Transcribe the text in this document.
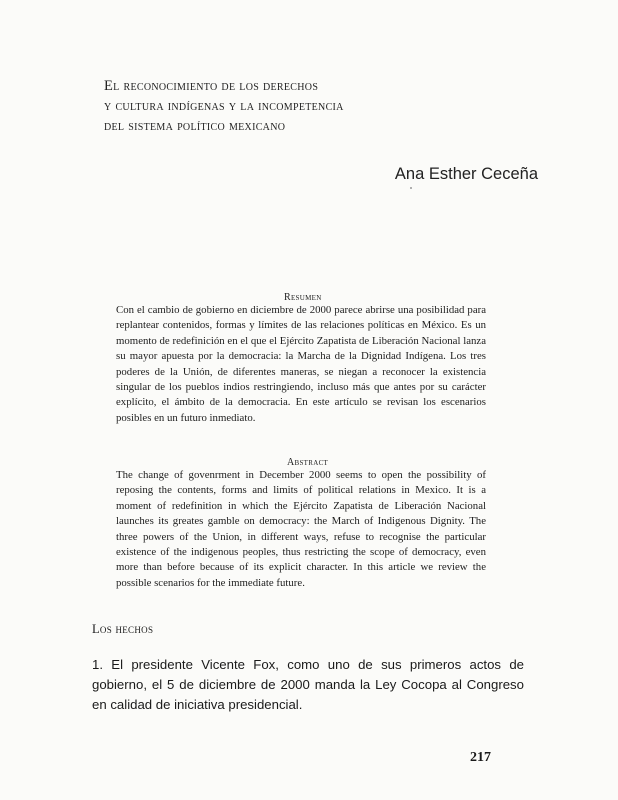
El reconocimiento de los derechos
y cultura indígenas y la incompetencia
del sistema político mexicano
Ana Esther Ceceña
Resumen
Con el cambio de gobierno en diciembre de 2000 parece abrirse una posibilidad para replantear contenidos, formas y límites de las relaciones políticas en México. Es un momento de redefinición en el que el Ejército Zapatista de Liberación Nacional lanza su mayor apuesta por la democracia: la Marcha de la Dignidad Indígena. Los tres poderes de la Unión, de diferentes maneras, se niegan a reconocer la existencia singular de los pueblos indios restringiendo, incluso más que antes por su carácter explícito, el ámbito de la democracia. En este artículo se revisan los escenarios posibles en un futuro inmediato.
Abstract
The change of govenrment in December 2000 seems to open the possibility of reposing the contents, forms and limits of political relations in Mexico. It is a moment of redefinition in which the Ejército Zapatista de Liberación Nacional launches its greates gamble on democracy: the March of Indigenous Dignity. The three powers of the Union, in different ways, refuse to recognise the particular existence of the indigenous peoples, thus restricting the scope of democracy, even more than before because of its explicit character. In this article we review the possible scenarios for the immediate future.
Los hechos
1. El presidente Vicente Fox, como uno de sus primeros actos de gobierno, el 5 de diciembre de 2000 manda la Ley Cocopa al Congreso en calidad de iniciativa presidencial.
217
